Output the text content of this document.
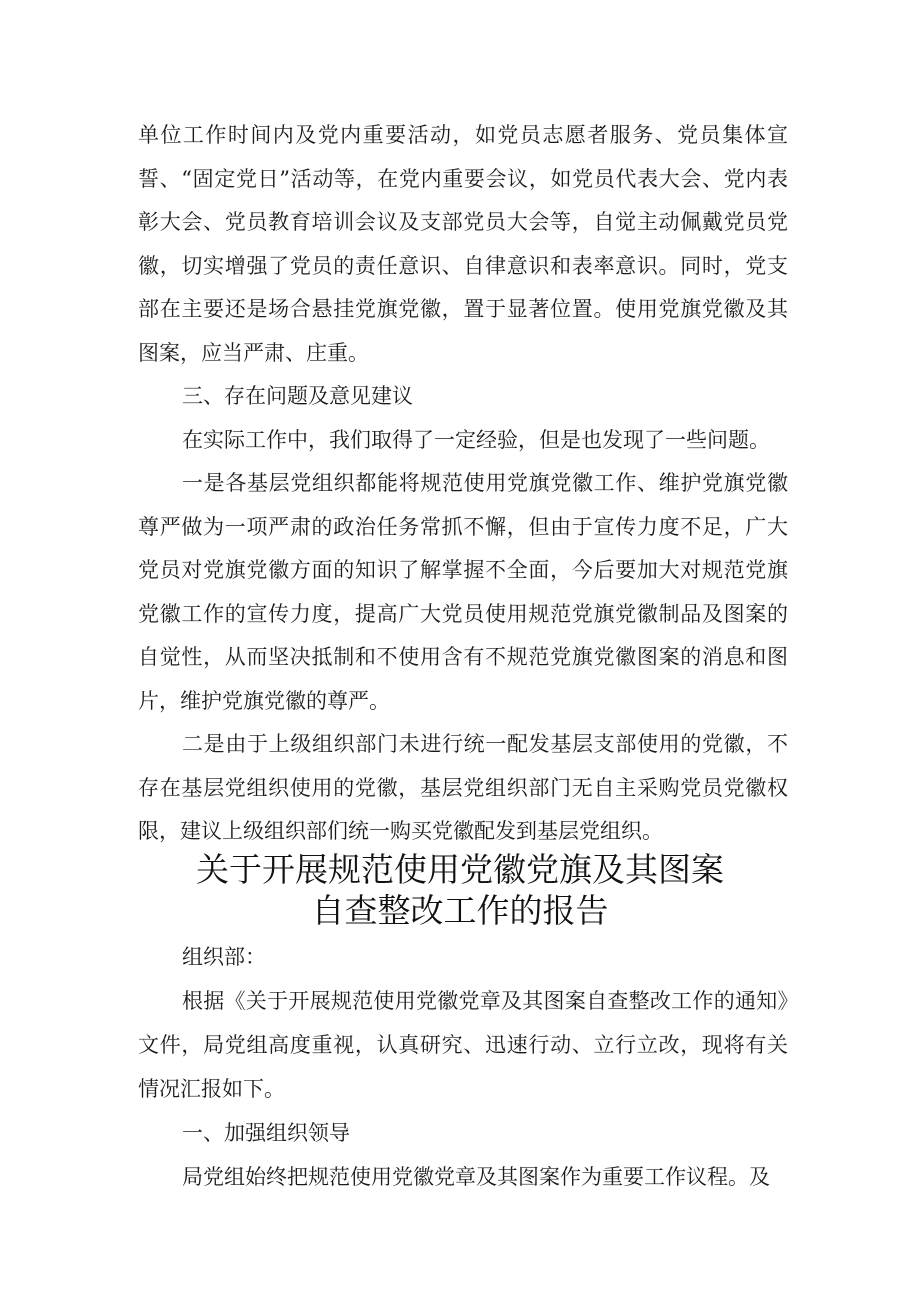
单位工作时间内及党内重要活动，如党员志愿者服务、党员集体宣誓、“固定党日”活动等，在党内重要会议，如党员代表大会、党内表彰大会、党员教育培训会议及支部党员大会等，自觉主动佩戴党员党徽，切实增强了党员的责任意识、自律意识和表率意识。同时，党支部在主要还是场合悬挂党旗党徽，置于显著位置。使用党旗党徽及其图案，应当严肃、庄重。

三、存在问题及意见建议

在实际工作中，我们取得了一定经验，但是也发现了一些问题。

一是各基层党组织都能将规范使用党旗党徽工作、维护党旗党徽尊严做为一项严肃的政治任务常抓不懈，但由于宣传力度不足，广大党员对党旗党徽方面的知识了解掌握不全面，今后要加大对规范党旗党徽工作的宣传力度，提高广大党员使用规范党旗党徽制品及图案的自觉性，从而坚决抵制和不使用含有不规范党旗党徽图案的消息和图片，维护党旗党徽的尊严。

二是由于上级组织部门未进行统一配发基层支部使用的党徽，不存在基层党组织使用的党徽，基层党组织部门无自主采购党员党徽权限，建议上级组织部们统一购买党徽配发到基层党组织。

关于开展规范使用党徽党旗及其图案
自查整改工作的报告

组织部：

根据《关于开展规范使用党徽党章及其图案自查整改工作的通知》文件，局党组高度重视，认真研究、迅速行动、立行立改，现将有关情况汇报如下。

一、加强组织领导

局党组始终把规范使用党徽党章及其图案作为重要工作议程。及
